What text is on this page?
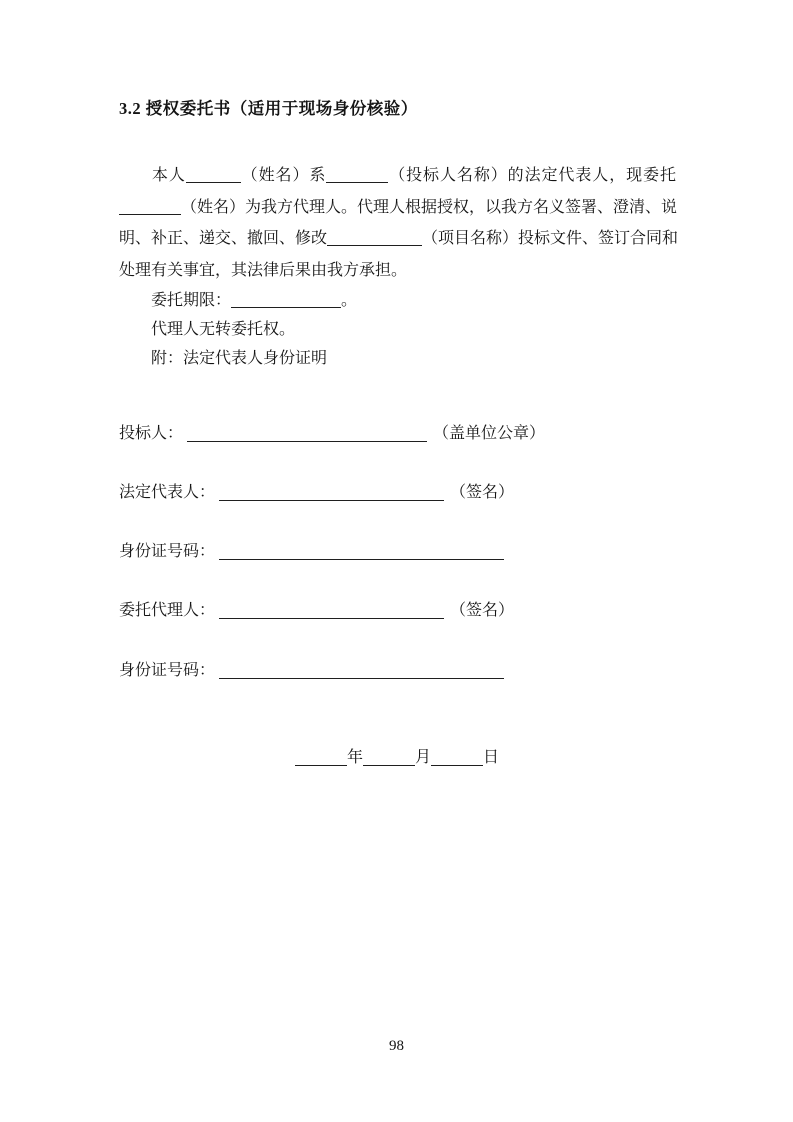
3.2 授权委托书（适用于现场身份核验）
本人	（姓名）系	（投标人名称）的法定代表人，现委托
（姓名）为我方代理人。代理人根据授权，以我方名义签署、澄清、说
明、补正、递交、撤回、修改	（项目名称）投标文件、签订合同和
处理有关事宜，其法律后果由我方承担。
委托期限：	。
代理人无转委托权。
附：法定代表人身份证明
投标人：	（盖单位公章）
法定代表人：	（签名）
身份证号码：
委托代理人：	（签名）
身份证号码：
年	月	日
98
